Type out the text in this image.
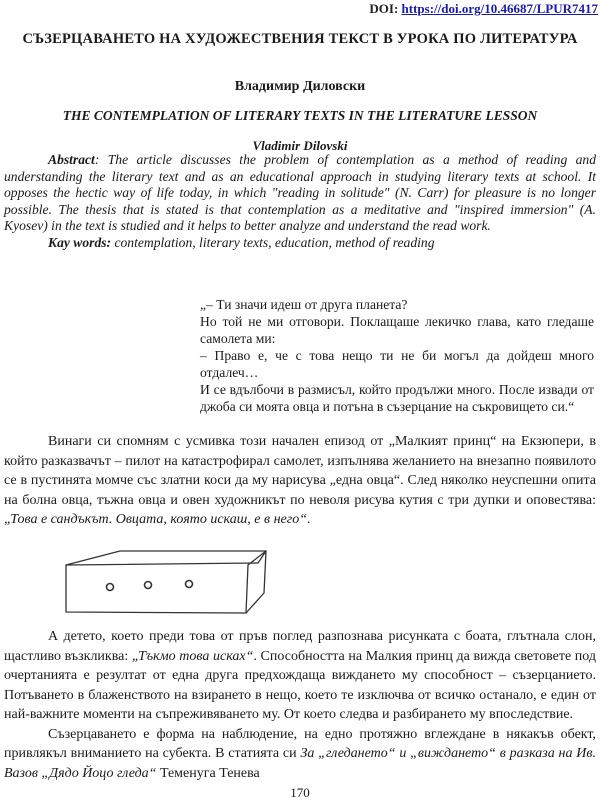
DOI: https://doi.org/10.46687/LPUR7417
СЪЗЕРЦАВАНЕТО НА ХУДОЖЕСТВЕНИЯ ТЕКСТ В УРОКА ПО ЛИТЕРАТУРА
Владимир Диловски
THE CONTEMPLATION OF LITERARY TEXTS IN THE LITERATURE LESSON
Vladimir Dilovski

Abstract: The article discusses the problem of contemplation as a method of reading and understanding the literary text and as an educational approach in studying literary texts at school. It opposes the hectic way of life today, in which "reading in solitude" (N. Carr) for pleasure is no longer possible. The thesis that is stated is that contemplation as a meditative and "inspired immersion" (A. Kyosev) in the text is studied and it helps to better analyze and understand the read work.

Kay words: contemplation, literary texts, education, method of reading

„– Ти значи идеш от друга планета?

Но той не ми отговори. Поклащаше лекичко глава, като гледаше самолета ми:

– Право е, че с това нещо ти не би могъл да дойдеш много отдалеч…

И се вдълбочи в размисъл, който продължи много. После извади от джоба си моята овца и потъна в съзерцание на съкровището си.“

Винаги си спомням с усмивка този начален епизод от „Малкият принц“ на Екзюпери, в който разказвачът – пилот на катастрофирал самолет, изпълнява желанието на внезапно появилото се в пустинята момче със златни коси да му нарисува „една овца“. След няколко неуспешни опита на болна овца, тъжна овца и овен художникът по неволя рисува кутия с три дупки и оповестява: „Това е сандъкът. Овцата, която искаш, е в него“.

А детето, което преди това от пръв поглед разпознава рисунката с боата, глътнала слон, щастливо възкликва: „Тъкмо това исках“. Способността на Малкия принц да вижда световете под очертанията е резултат от една друга предхождаща виждането му способност – съзерцанието. Потъването в блаженството на взирането в нещо, което те изключва от всичко останало, е един от най-важните моменти на съпреживяването му. От което следва и разбирането му впоследствие.

Съзерцаването е форма на наблюдение, на едно протяжно вглеждане в някакъв обект, привлякъл вниманието на субекта. В статията си За „гледането“ и „виждането“ в разказа на Ив. Вазов „Дядо Йоцо гледа“ Теменуга Тенева

170
